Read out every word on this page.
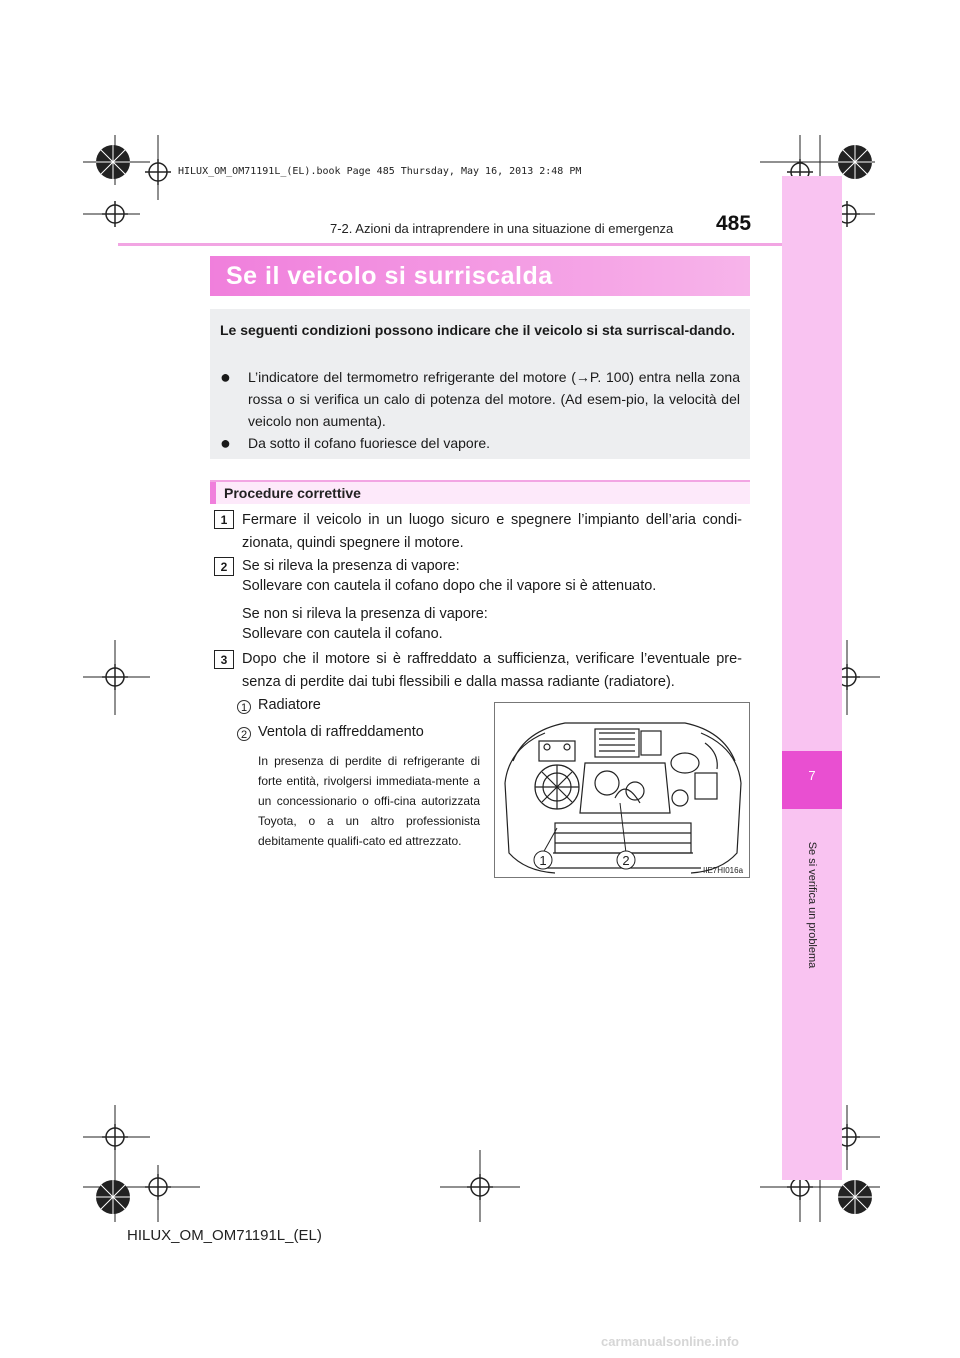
HILUX_OM_OM71191L_(EL).book Page 485 Thursday, May 16, 2013 2:48 PM
7-2. Azioni da intraprendere in una situazione di emergenza 485
7
Se si verifica un problema
Se il veicolo si surriscalda
Le seguenti condizioni possono indicare che il veicolo si sta surriscal-dando.
● L’indicatore del termometro refrigerante del motore (→P. 100) entra nella zona rossa o si verifica un calo di potenza del motore. (Ad esem-pio, la velocità del veicolo non aumenta).
● Da sotto il cofano fuoriesce del vapore.
Procedure correttive
1	Fermare il veicolo in un luogo sicuro e spegnere l’impianto dell’aria condi-zionata, quindi spegnere il motore.
2	Se si rileva la presenza di vapore:
Sollevare con cautela il cofano dopo che il vapore si è attenuato.
Se non si rileva la presenza di vapore:
Sollevare con cautela il cofano.
3	Dopo che il motore si è raffreddato a sufficienza, verificare l’eventuale pre-senza di perdite dai tubi flessibili e dalla massa radiante (radiatore).
1 Radiatore
2 Ventola di raffreddamento
In presenza di perdite di refrigerante di forte entità, rivolgersi immediata-mente a un concessionario o offi-cina autorizzata Toyota, o a un altro professionista debitamente qualifi-cato ed attrezzato.
1	2
IIE7HI016a
HILUX_OM_OM71191L_(EL)
carmanualsonline.info
